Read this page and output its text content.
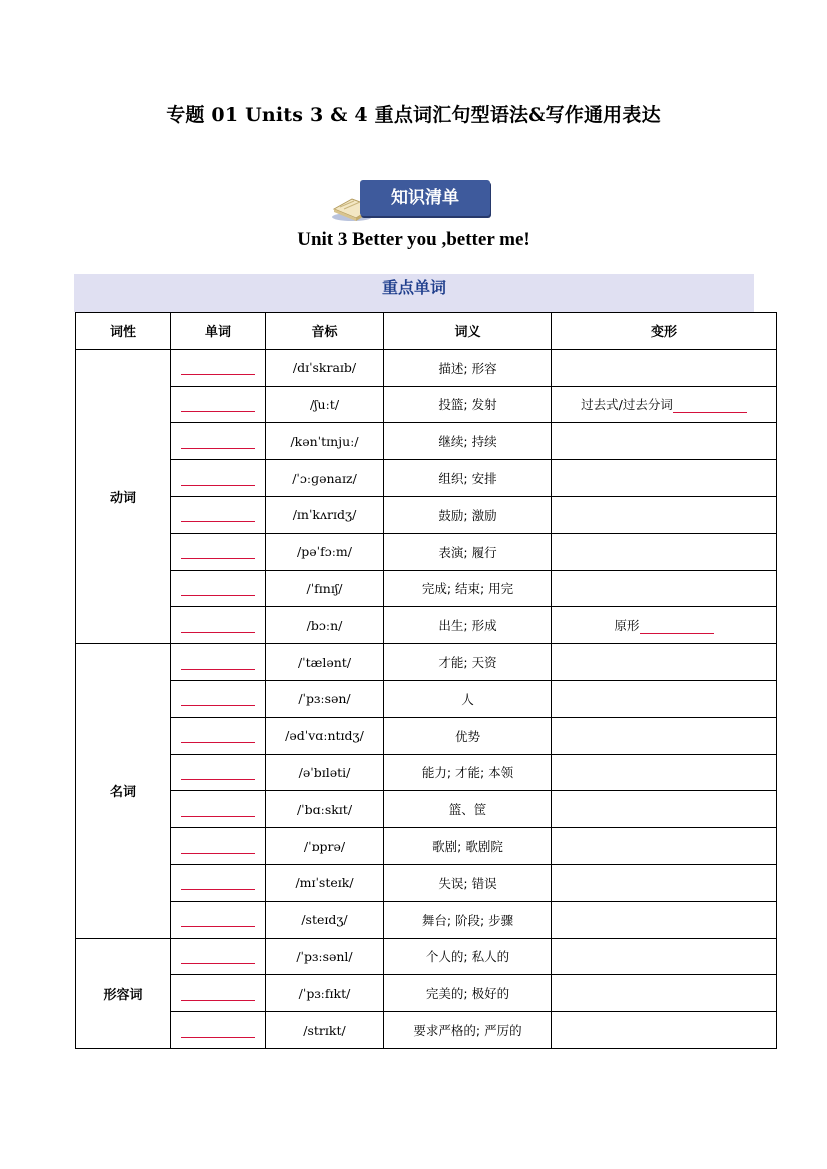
专题 01 Units 3 & 4 重点词汇句型语法&写作通用表达
知识清单
Unit 3 Better you ,better me!
重点单词
词性	单词	音标	词义	变形
动词		/dɪˈskraɪb/	描述; 形容	
		/ʃuːt/	投篮; 发射	过去式/过去分词
		/kənˈtɪnjuː/	继续; 持续	
		/ˈɔːɡənaɪz/	组织; 安排	
		/ɪnˈkʌrɪdʒ/	鼓励; 激励	
		/pəˈfɔːm/	表演; 履行	
		/ˈfɪnɪʃ/	完成; 结束; 用完	
		/bɔːn/	出生; 形成	原形
名词		/ˈtælənt/	才能; 天资	
		/ˈpɜːsən/	人	
		/ədˈvɑːntɪdʒ/	优势	
		/əˈbɪləti/	能力; 才能; 本领	
		/ˈbɑːskɪt/	篮、筐	
		/ˈɒprə/	歌剧; 歌剧院	
		/mɪˈsteɪk/	失误; 错误	
		/steɪdʒ/	舞台; 阶段; 步骤	
形容词		/ˈpɜːsənl/	个人的; 私人的	
		/ˈpɜːfɪkt/	完美的; 极好的	
		/strɪkt/	要求严格的; 严厉的	
